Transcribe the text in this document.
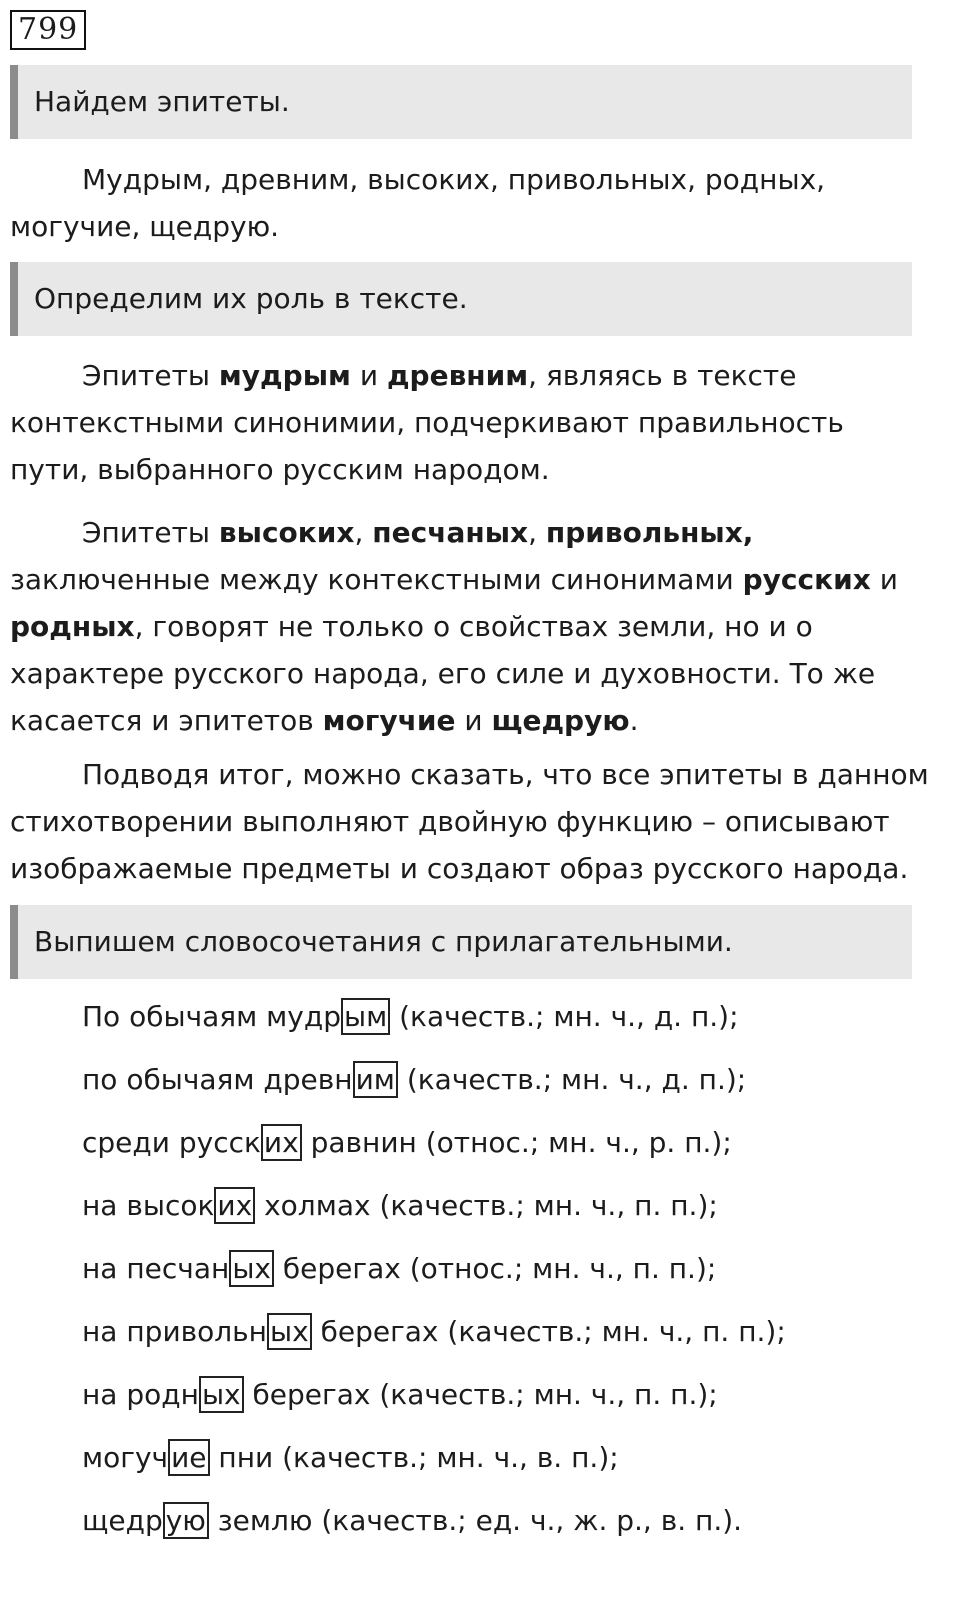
799
Найдем эпитеты.

Мудрым, древним, высоких, привольных, родных, могучие, щедрую.

Определим их роль в тексте.

Эпитеты мудрым и древним, являясь в тексте контекстными синонимии, подчеркивают правильность пути, выбранного русским народом.

Эпитеты высоких, песчаных, привольных, заключенные между контекстными синонимами русских и родных, говорят не только о свойствах земли, но и о характере русского народа, его силе и духовности. То же касается и эпитетов могучие и щедрую.

Подводя итог, можно сказать, что все эпитеты в данном стихотворении выполняют двойную функцию – описывают изображаемые предметы и создают образ русского народа.

Выпишем словосочетания с прилагательными.
По обычаям мудр ым (качеств.; мн. ч., д. п.);
по обычаям древн им (качеств.; мн. ч., д. п.);
среди русск их равнин (относ.; мн. ч., р. п.);
на высок их холмах (качеств.; мн. ч., п. п.);
на песчан ых берегах (относ.; мн. ч., п. п.);
на привольн ых берегах (качеств.; мн. ч., п. п.);
на родн ых берегах (качеств.; мн. ч., п. п.);
могуч ие пни (качеств.; мн. ч., в. п.);
щедр ую землю (качеств.; ед. ч., ж. р., в. п.).
